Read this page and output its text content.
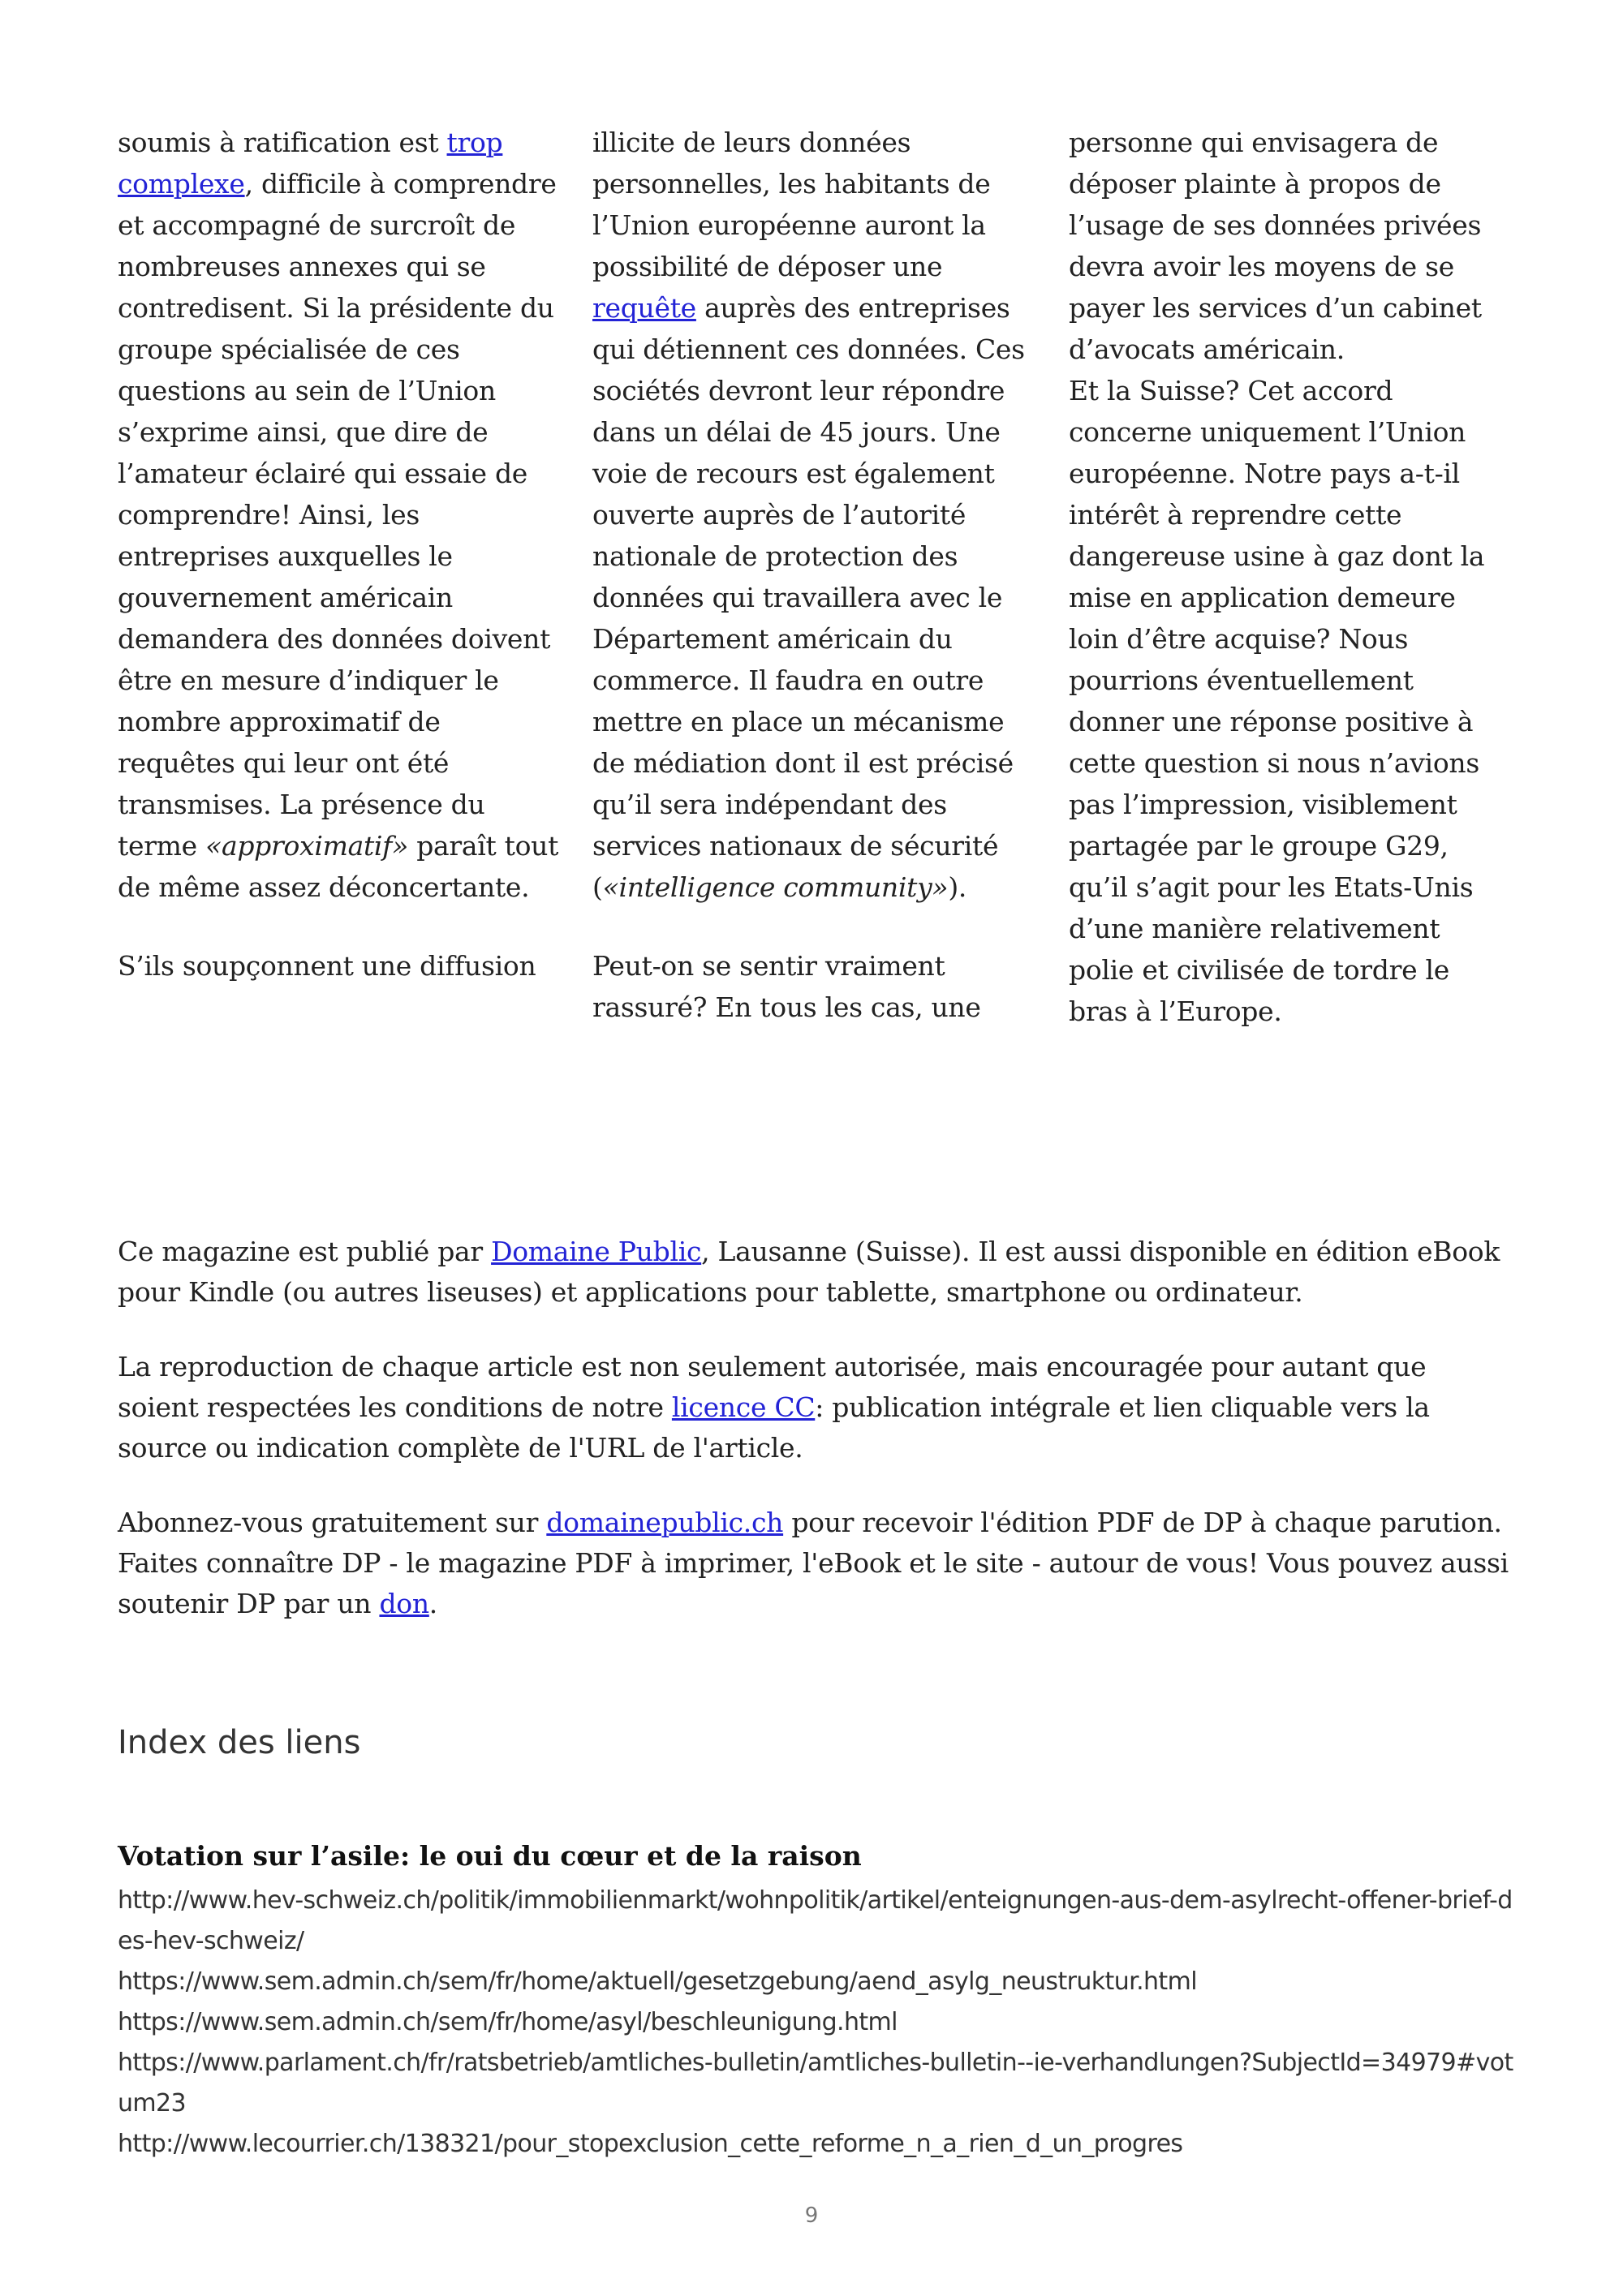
soumis à ratification est trop complexe, difficile à comprendre et accompagné de surcroît de nombreuses annexes qui se contredisent. Si la présidente du groupe spécialisée de ces questions au sein de l’Union s’exprime ainsi, que dire de l’amateur éclairé qui essaie de comprendre! Ainsi, les entreprises auxquelles le gouvernement américain demandera des données doivent être en mesure d’indiquer le nombre approximatif de requêtes qui leur ont été transmises. La présence du terme «approximatif» paraît tout de même assez déconcertante.

S’ils soupçonnent une diffusion

illicite de leurs données personnelles, les habitants de l’Union européenne auront la possibilité de déposer une requête auprès des entreprises qui détiennent ces données. Ces sociétés devront leur répondre dans un délai de 45 jours. Une voie de recours est également ouverte auprès de l’autorité nationale de protection des données qui travaillera avec le Département américain du commerce. Il faudra en outre mettre en place un mécanisme de médiation dont il est précisé qu’il sera indépendant des services nationaux de sécurité («intelligence community»).

Peut-on se sentir vraiment rassuré? En tous les cas, une

personne qui envisagera de déposer plainte à propos de l’usage de ses données privées devra avoir les moyens de se payer les services d’un cabinet d’avocats américain.

Et la Suisse? Cet accord concerne uniquement l’Union européenne. Notre pays a-t-il intérêt à reprendre cette dangereuse usine à gaz dont la mise en application demeure loin d’être acquise? Nous pourrions éventuellement donner une réponse positive à cette question si nous n’avions pas l’impression, visiblement partagée par le groupe G29, qu’il s’agit pour les Etats-Unis d’une manière relativement polie et civilisée de tordre le bras à l’Europe.

Ce magazine est publié par Domaine Public, Lausanne (Suisse). Il est aussi disponible en édition eBook pour Kindle (ou autres liseuses) et applications pour tablette, smartphone ou ordinateur.

La reproduction de chaque article est non seulement autorisée, mais encouragée pour autant que soient respectées les conditions de notre licence CC: publication intégrale et lien cliquable vers la source ou indication complète de l'URL de l'article.

Abonnez-vous gratuitement sur domainepublic.ch pour recevoir l'édition PDF de DP à chaque parution. Faites connaître DP - le magazine PDF à imprimer, l'eBook et le site - autour de vous! Vous pouvez aussi soutenir DP par un don.

Index des liens
Votation sur l’asile: le oui du cœur et de la raison
http://www.hev-schweiz.ch/politik/immobilienmarkt/wohnpolitik/artikel/enteignungen-aus-dem-asylrecht-offener-brief-des-hev-schweiz/
https://www.sem.admin.ch/sem/fr/home/aktuell/gesetzgebung/aend_asylg_neustruktur.html
https://www.sem.admin.ch/sem/fr/home/asyl/beschleunigung.html
https://www.parlament.ch/fr/ratsbetrieb/amtliches-bulletin/amtliches-bulletin--ie-verhandlungen?SubjectId=34979#votum23
http://www.lecourrier.ch/138321/pour_stopexclusion_cette_reforme_n_a_rien_d_un_progres
9
